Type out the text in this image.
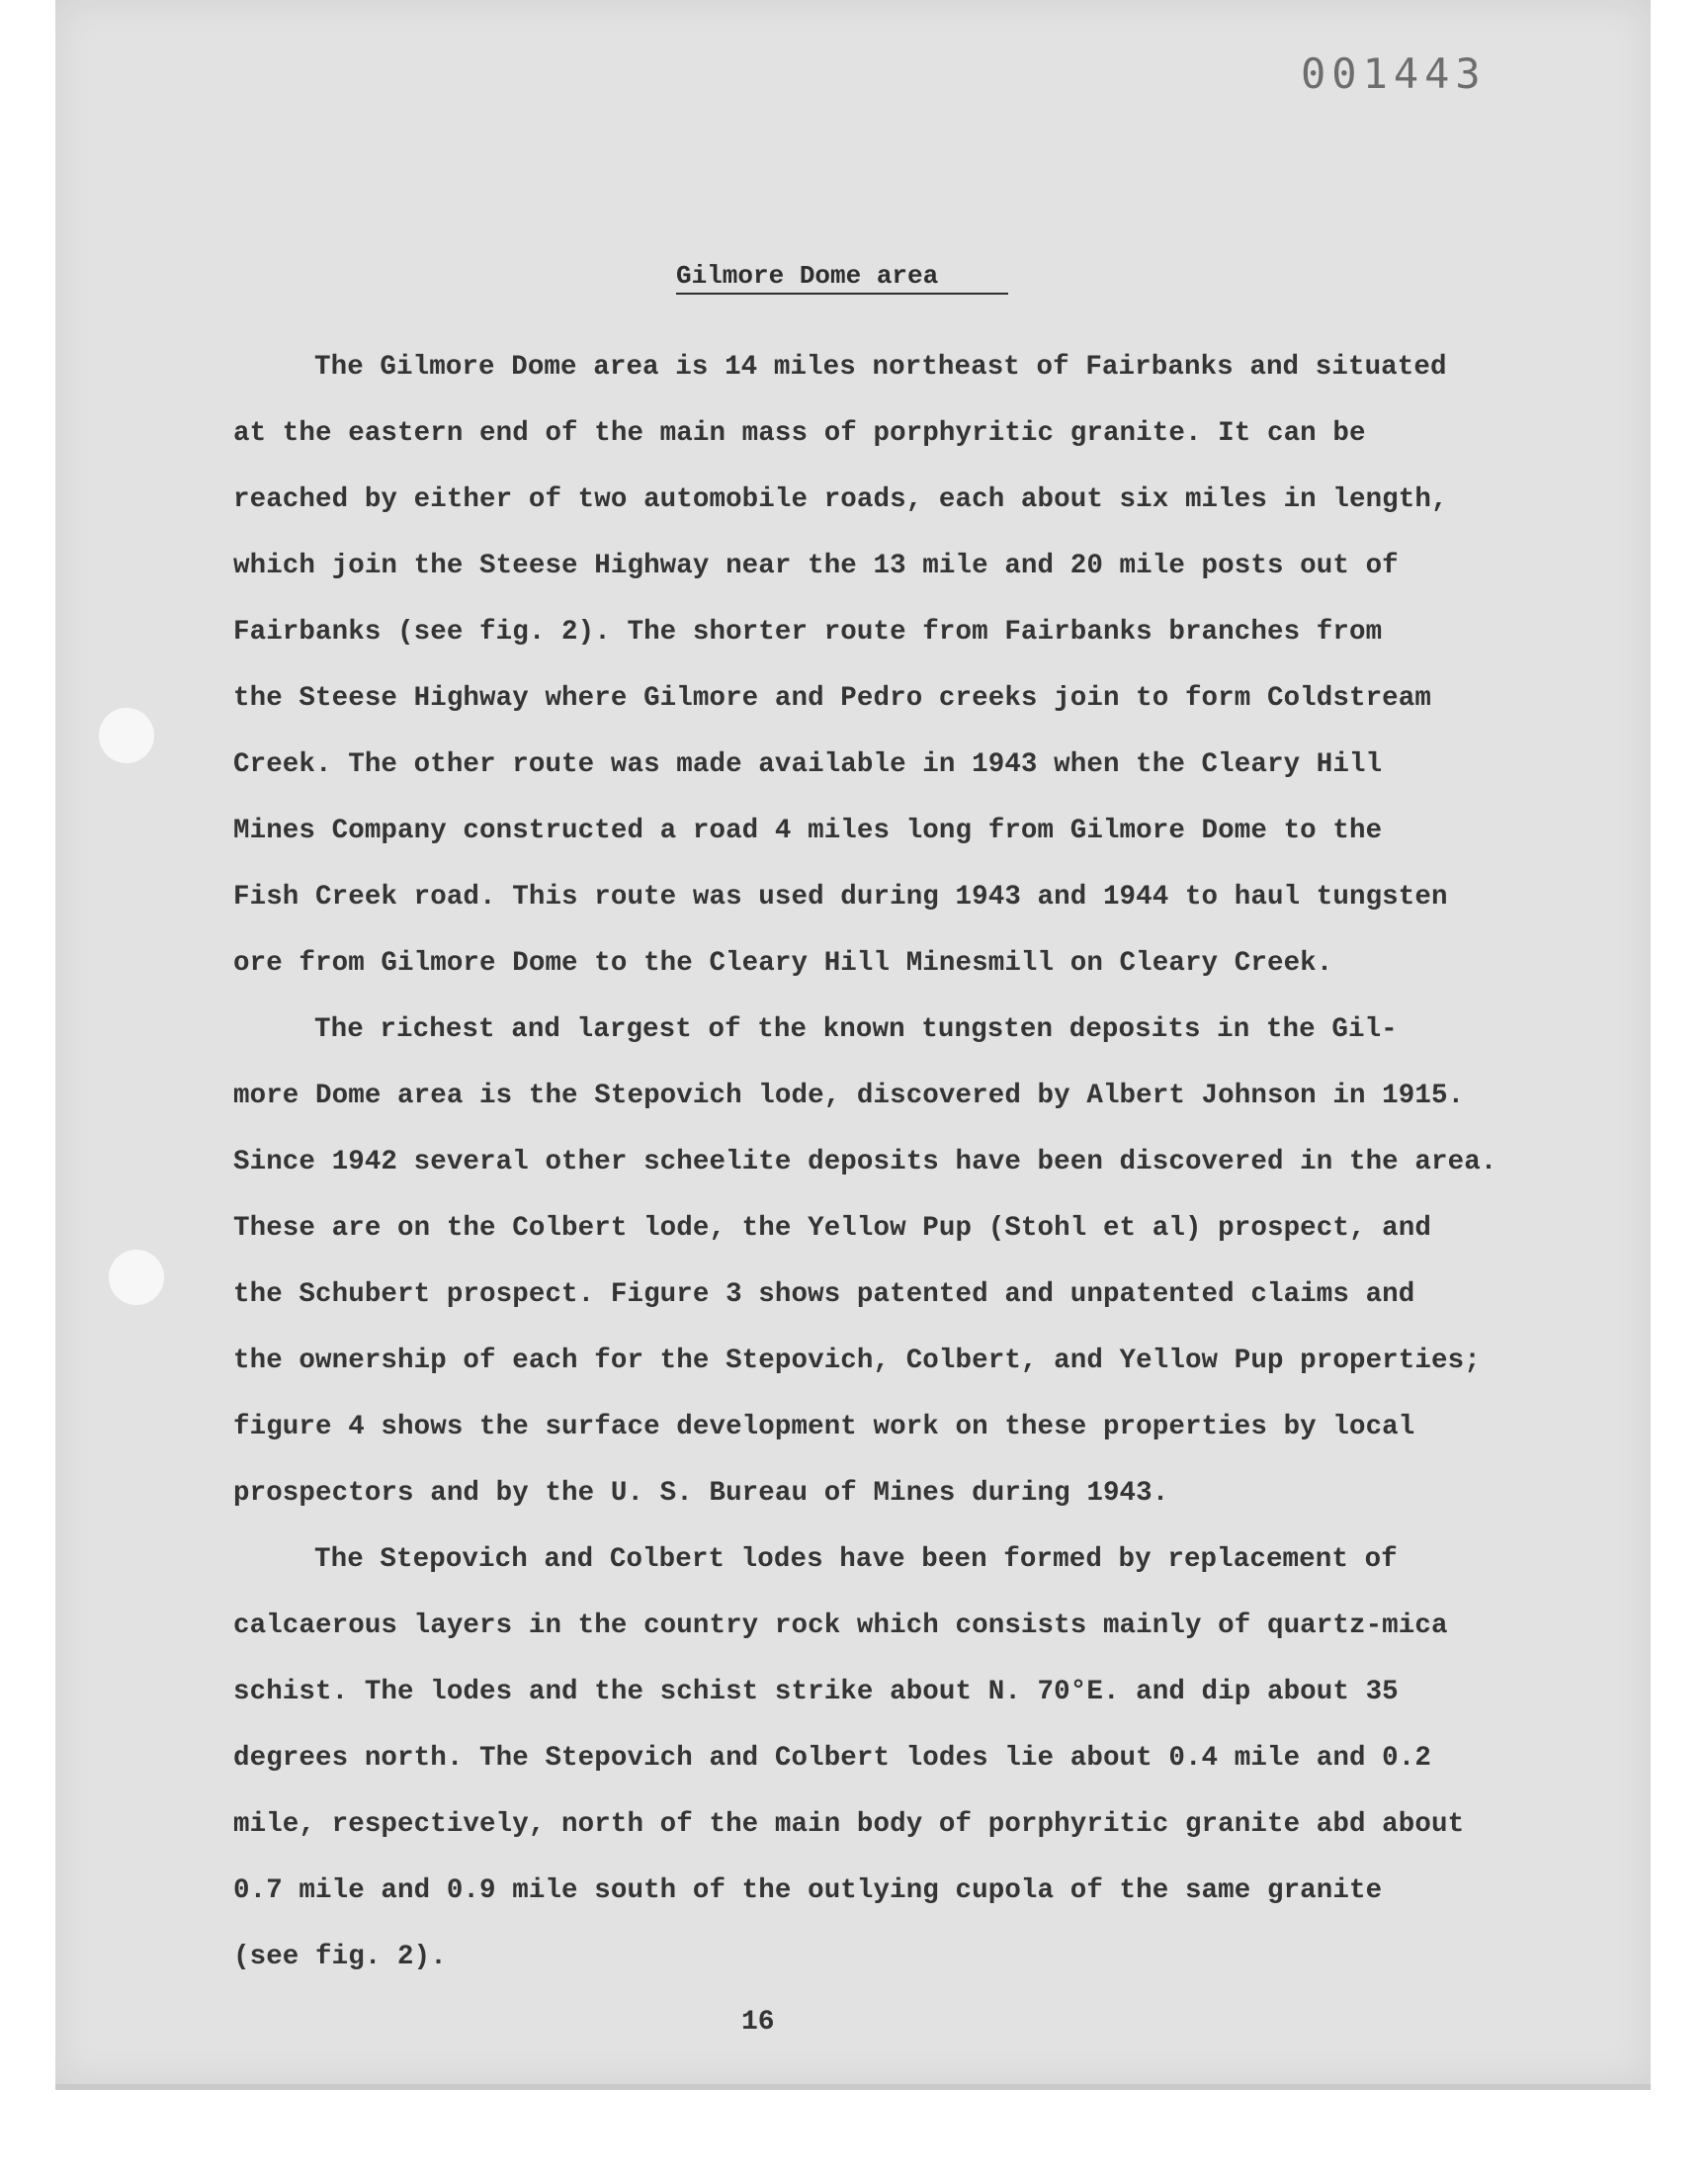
001443
Gilmore Dome area
The Gilmore Dome area is 14 miles northeast of Fairbanks and situated
at the eastern end of the main mass of porphyritic granite. It can be
reached by either of two automobile roads, each about six miles in length,
which join the Steese Highway near the 13 mile and 20 mile posts out of
Fairbanks (see fig. 2). The shorter route from Fairbanks branches from
the Steese Highway where Gilmore and Pedro creeks join to form Coldstream
Creek. The other route was made available in 1943 when the Cleary Hill
Mines Company constructed a road 4 miles long from Gilmore Dome to the
Fish Creek road. This route was used during 1943 and 1944 to haul tungsten
ore from Gilmore Dome to the Cleary Hill Minesmill on Cleary Creek.
The richest and largest of the known tungsten deposits in the Gil-
more Dome area is the Stepovich lode, discovered by Albert Johnson in 1915.
Since 1942 several other scheelite deposits have been discovered in the area.
These are on the Colbert lode, the Yellow Pup (Stohl et al) prospect, and
the Schubert prospect. Figure 3 shows patented and unpatented claims and
the ownership of each for the Stepovich, Colbert, and Yellow Pup properties;
figure 4 shows the surface development work on these properties by local
prospectors and by the U. S. Bureau of Mines during 1943.
The Stepovich and Colbert lodes have been formed by replacement of
calcaerous layers in the country rock which consists mainly of quartz-mica
schist. The lodes and the schist strike about N. 70°E. and dip about 35
degrees north. The Stepovich and Colbert lodes lie about 0.4 mile and 0.2
mile, respectively, north of the main body of porphyritic granite abd about
0.7 mile and 0.9 mile south of the outlying cupola of the same granite
(see fig. 2).
16
